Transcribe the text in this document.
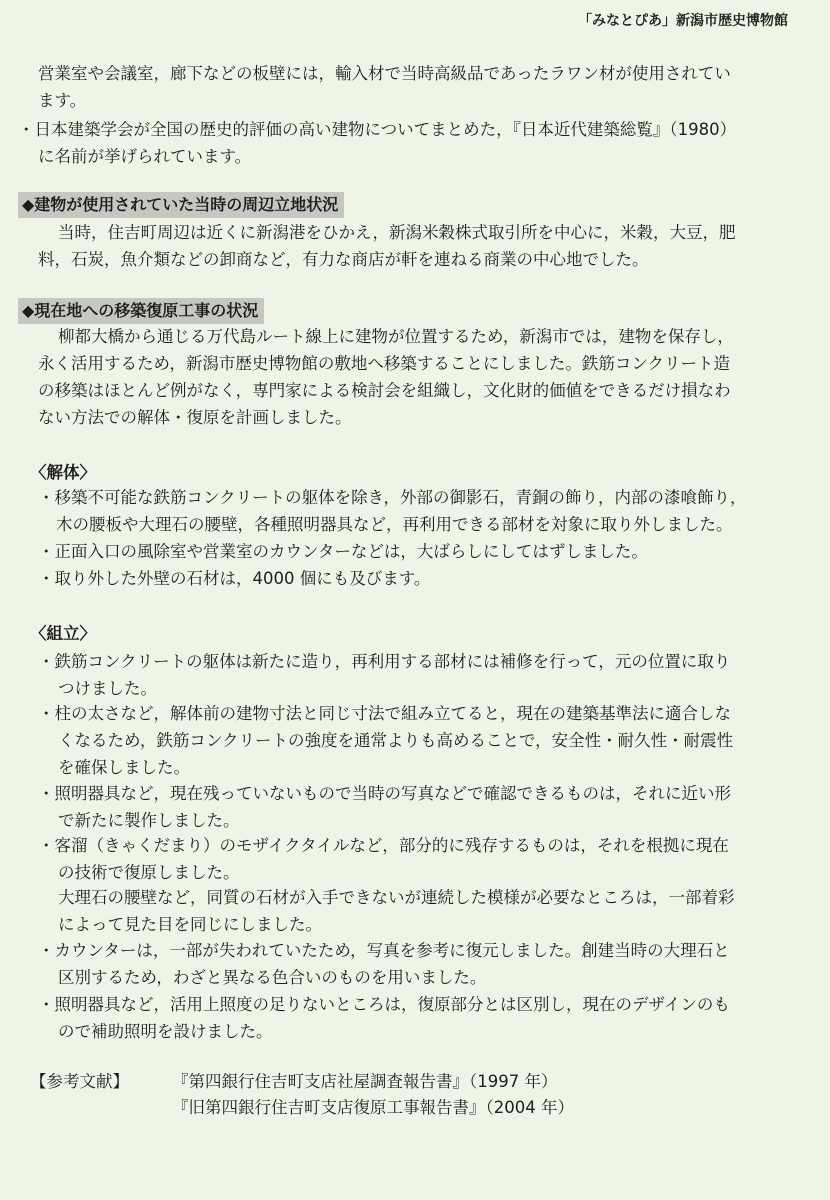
「みなとぴあ」新潟市歴史博物館
営業室や会議室，廊下などの板壁には，輸入材で当時高級品であったラワン材が使用されてい
ます。
・日本建築学会が全国の歴史的評価の高い建物についてまとめた，『日本近代建築総覧』（1980）
に名前が挙げられています。
◆建物が使用されていた当時の周辺立地状況
当時，住吉町周辺は近くに新潟港をひかえ，新潟米穀株式取引所を中心に，米穀，大豆，肥
料，石炭，魚介類などの卸商など，有力な商店が軒を連ねる商業の中心地でした。
◆現在地への移築復原工事の状況
柳都大橋から通じる万代島ルート線上に建物が位置するため，新潟市では，建物を保存し，
永く活用するため，新潟市歴史博物館の敷地へ移築することにしました。鉄筋コンクリート造
の移築はほとんど例がなく，専門家による検討会を組織し，文化財的価値をできるだけ損なわ
ない方法での解体・復原を計画しました。
〈解体〉
・移築不可能な鉄筋コンクリートの躯体を除き，外部の御影石，青銅の飾り，内部の漆喰飾り，
木の腰板や大理石の腰壁，各種照明器具など，再利用できる部材を対象に取り外しました。
・正面入口の風除室や営業室のカウンターなどは，大ばらしにしてはずしました。
・取り外した外壁の石材は，4000 個にも及びます。
〈組立〉
・鉄筋コンクリートの躯体は新たに造り，再利用する部材には補修を行って，元の位置に取り
つけました。
・柱の太さなど，解体前の建物寸法と同じ寸法で組み立てると，現在の建築基準法に適合しな
くなるため，鉄筋コンクリートの強度を通常よりも高めることで，安全性・耐久性・耐震性
を確保しました。
・照明器具など，現在残っていないもので当時の写真などで確認できるものは，それに近い形
で新たに製作しました。
・客溜（きゃくだまり）のモザイクタイルなど，部分的に残存するものは，それを根拠に現在
の技術で復原しました。
大理石の腰壁など，同質の石材が入手できないが連続した模様が必要なところは，一部着彩
によって見た目を同じにしました。
・カウンターは，一部が失われていたため，写真を参考に復元しました。創建当時の大理石と
区別するため，わざと異なる色合いのものを用いました。
・照明器具など，活用上照度の足りないところは，復原部分とは区別し，現在のデザインのも
ので補助照明を設けました。
【参考文献】	『第四銀行住吉町支店社屋調査報告書』（1997 年）
『旧第四銀行住吉町支店復原工事報告書』（2004 年）
